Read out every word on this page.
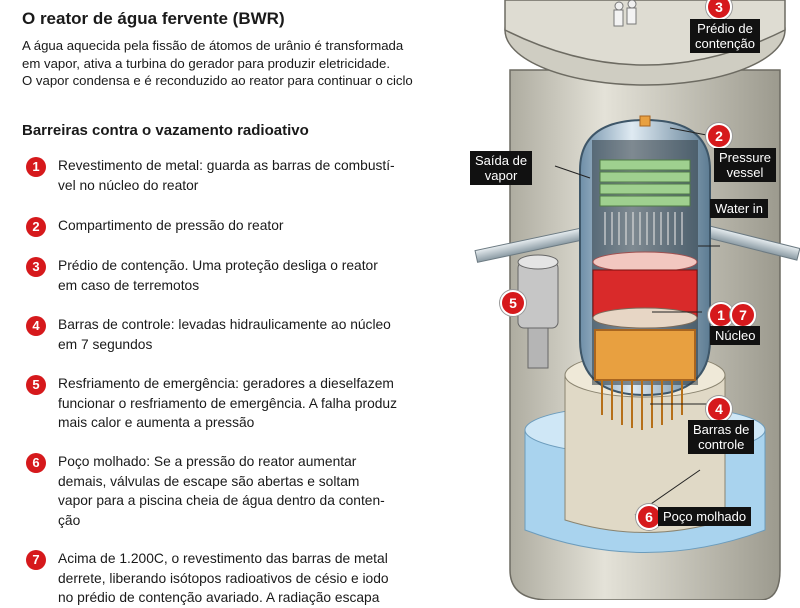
O reator de água fervente (BWR)
A água aquecida pela fissão de átomos de urânio é transformada
em vapor, ativa a turbina do gerador para produzir eletricidade.
O vapor condensa e é reconduzido ao reator para continuar o ciclo
Barreiras contra o vazamento radioativo
1	Revestimento de metal: guarda as barras de combustí-
vel no núcleo do reator
2	Compartimento de pressão do reator
3	Prédio de contenção. Uma proteção desliga o reator
em caso de terremotos
4	Barras de controle: levadas hidraulicamente ao núcleo
em 7 segundos
5	Resfriamento de emergência: geradores a dieselfazem
funcionar o resfriamento de emergência. A falha produz
mais calor e aumenta a pressão
6	Poço molhado: Se a pressão do reator aumentar
demais, válvulas de escape são abertas e soltam
vapor para a piscina cheia de água dentro da conten-
ção
7	Acima de 1.200C, o revestimento das barras de metal
derrete, liberando isótopos radioativos de césio e iodo
no prédio de contenção avariado. A radiação escapa
3
Prédio de
contenção
2
Pressure
vessel
Saída de
vapor
Water in
5
1	7
Núcleo
4
Barras de
controle
6 Poço molhado
